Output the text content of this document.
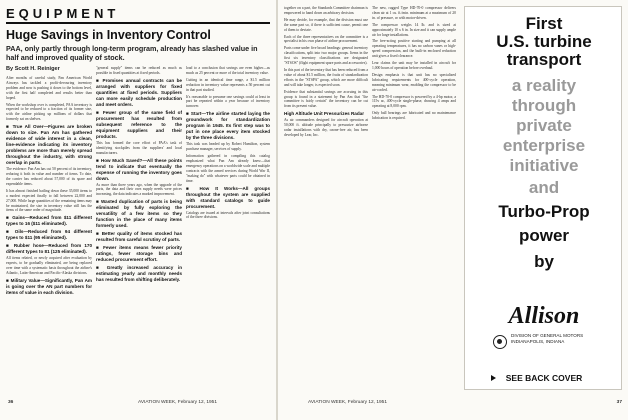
EQUIPMENT
Huge Savings in Inventory Control
PAA, only partly through long-term program, already has slashed value in half and improved quality of stock.
By Scott H. Reiniger

After months of careful study, Pan American World Airways has tackled a profit-devouring inventory problem and now is pushing it down to the bottom level, with the first half completed and results better than hoped.

When the workshop over is completed, PAA inventory is expected to be reduced to a fraction of its former size, with the airline picking up millions of dollars that formerly sat on shelves.

■ True All Over—Figures are broken down to size. Pan Am has gathered evidence of wide interest in a clean, line-evidence indicating its inventory problems are more than merely spread throughout the industry, with strong overlap in parts.

The evidence: Pan Am has cut 50 percent of its inventory, reducing it both in value and number of items. To date, the carrier has reduced about 57,000 of its spare and expendable items.

It has almost finished bailing down these 35,000 items to a modest expected finally to fall between 22,000 and 27,000. While large quantities of the remaining items may be maintained, the size in inventory value still has the items of the same order of magnitude.

■ Gains—Reduced from $11 different types to 16 ($11 eliminated).

■ Oils—Reduced from 94 different types to $11 (95 eliminated).

■ Rubber hose—Reduced from 170 different types to 81 (125 eliminated).

All items related, or newly acquired after evaluation by experts, to be gradually eliminated, are being replaced over time with a systematic basis throughout the airline's Atlantic, Latin-American and Pacific-Alaska divisions.

■ Military Value—Significantly, Pan Am is going over the AN part numbers for items of value in each division.

"general supply" items can be reduced as much as possible in fixed quantities at fixed periods.

■ Promises annual contracts can be arranged with suppliers for fixed quantities at fixed periods. Suppliers can more easily schedule production and meet orders.

■ Fewer group of the same field of procurement has resulted from subsequent reference to the equipment suppliers and their products.

This has formed the core effort of PAA's task of identifying stockpiles from the suppliers' and local manufacturers.

■ How Much Saved?—All these points tend to indicate that eventually the expense of running the inventory goes down.

As more than three years ago, when the upgrade of the parts, the data and their own supply needs were prices increasing, the data indicates a marked improvement.

■ Wasted duplication of parts is being eliminated by fully exploring the versatility of a few items so they function in the place of many items formerly used.

■ Better quality of items stocked has resulted from careful scrutiny of parts.

■ Fewer items means fewer priority ratings, fewer storage bins and reduced procurement effort.

■ Greatly increased accuracy in estimating yearly and monthly needs has resulted from shifting deliberately.

load to a conclusion that savings are even higher—as much as 25 percent or more of the total inventory value.

Cutting in an identical time range, a $1.5 million reduction in inventory value represents a 50 percent cut in that part studied.

It's reasonable to presume one savings could at least in part be repeated within a year because of inventory turnover.

■ Start—The airline started laying the groundwork for standardization program in 1945. Its first step was to put in one place every item stocked by the three divisions.

This task was headed up by Robert Hamilton, system purchase manager, services of supply.

Information gathered in compiling this catalog emphasized what Pan Am already knew—that emergency operations on a worldwide scale and multiple contracts with the armed services during World War II, "making do" with whatever parts could be obtained in time.

■ How It Works—All groups throughout the system are supplied with standard catalogs to guide procurement.

Catalogs are issued at intervals after joint consultations of the three divisions.

together on a part, the Standards Committee chairman is empowered to hand down an arbitrary decision.

He may decide, for example, that the division must use the same part so, if there is sufficient cause, permit one of them to deviate.

Each of the three representatives on the committee is a specialist in his own phase of airline procurement.

Parts come under five broad headings: general inventory classifications, split into two major groups. Items in the first six inventory classifications are designated "STSOS" (flight equipment spare parts and accessories).

In this part of the inventory that has been reduced from a value of about $1.5 million, the fruits of standardization efforts in the "STSPA" group, which are more difficult and will take longer, is expected soon.

Evidence that substantial savings are accruing in this group is found in a statement by Pan Am that "the committee is fairly certain" the inventory can be cut from its present value.

High Altitude Unit Pressurizes Radar

As air commanders designed for aircraft operation at 50,000 ft. altitude principally to pressurize airborne radar installations with dry, ozone-free air, has been developed by Lear, Inc.

The new, rugged Type HD-70-0 compressor delivers clean air at 1 cu. ft./min. minimum at a maximum of 20 in. of pressure, or with motor-driven.

The compressor weighs 14 lb. and is sized at approximately 10 x 6 in. In size and it can supply ample air for large installations.

The free-acting positive starting and pumping at all operating temperatures, it has no carbon vanes or high-speed compression, and the built-in enclosed reduction unit gives a fixed clearance.

Lear claims the unit may be installed in aircraft for 1,000 hours of operation before overhaul.

Design emphasis is that unit has no specialized lubricating requirements for 400-cycle operation, meaning minimum wear, enabling the compressor to be air-cooled.

The HD-70-0 compressor is powered by a 4-hp motor, a 115v ac, 400-cycle single-phase, drawing 4 amps and operating at 8,000 rpm.

Only ball bearings are lubricated and no maintenance lubrication is required.

36	AVIATION WEEK, February 12, 1951	AVIATION WEEK, February 12, 1951	37
First
U.S. turbine
transport
a reality
through
private
enterprise
initiative
and
Turbo-Prop
power
by
Allison
DIVISION OF GENERAL MOTORS INDIANAPOLIS, INDIANA
SEE BACK COVER
